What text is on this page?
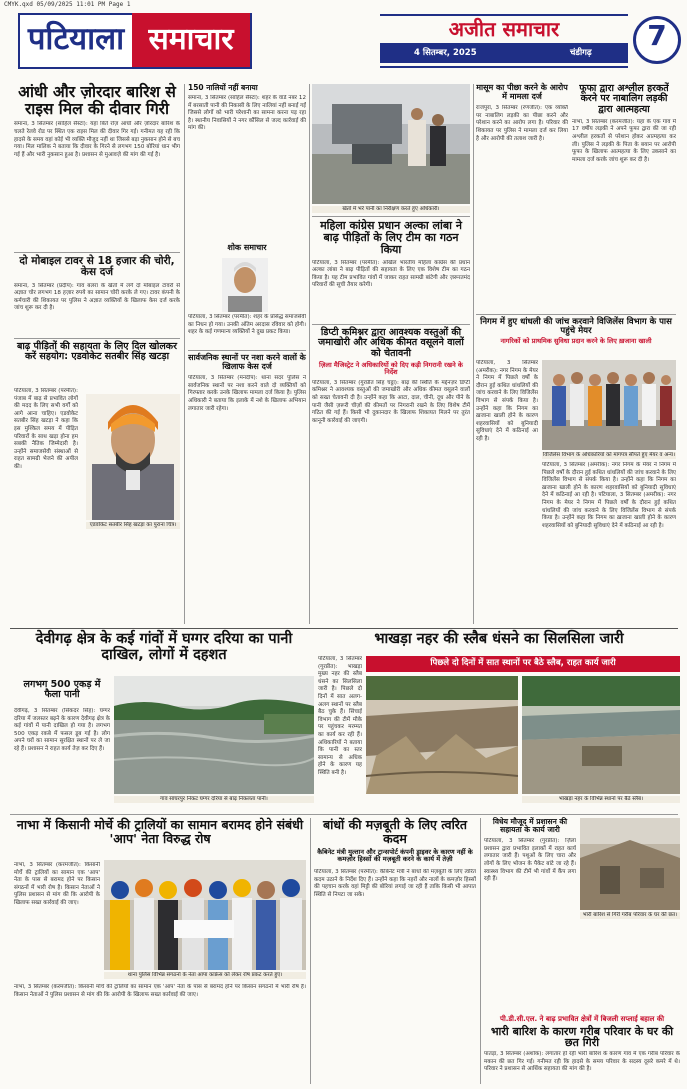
CMYK.qxd 05/09/2025 11:01 PM Page 1
पटियाला समाचार	अजीत समाचार
4 सितम्बर, 2025	चंडीगढ़
7
आंधी और ज़ोरदार बारिश से राइस मिल की दीवार गिरी
समाना, 3 सितम्बर (साहिल सैस्टा): यहां बिते रोज़ आंधी और ज़ोरदार बारिश के चलते रेलवे रोड पर स्थित एक राइस मिल की दीवार गिर गई। गनीमत यह रही कि हादसे के समय वहां कोई भी व्यक्ति मौजूद नहीं था जिससे बड़ा नुकसान होने से बच गया। मिल मालिक ने बताया कि दीवार के गिरने से लगभग 150 बोरियां धान भीग गई हैं और भारी नुकसान हुआ है। प्रशासन से मुआवज़े की मांग की गई है।
दो मोबाइल टावर से 18 हजार की चोरी, केस दर्ज
समाना, 3 सितम्बर (प्रदीप): गांव बलरां के खेतों में लगे दो मोबाइल टावरों से अज्ञात चोर लगभग 18 हज़ार रुपये का सामान चोरी करके ले गए। टावर कंपनी के कर्मचारी की शिकायत पर पुलिस ने अज्ञात व्यक्तियों के खिलाफ केस दर्ज करके जांच शुरू कर दी है।
बाढ़ पीड़ितों की सहायता के लिए दिल खोलकर करें सहयोग: एडवोकेट सतबीर सिंह खटड़ा
पटियाला, 3 सितम्बर (परमीत): पंजाब में बाढ़ से प्रभावित लोगों की मदद के लिए सभी वर्गों को आगे आना चाहिए। एडवोकेट सतबीर सिंह खटड़ा ने कहा कि इस मुश्किल समय में पीड़ित परिवारों के साथ खड़ा होना हम सबकी नैतिक जिम्मेदारी है। उन्होंने समाजसेवी संस्थाओं से राहत सामग्री भेजने की अपील की।
एडवोकेट सतबीर सिंह खटड़ा का पुराना चित्र।
150 नालियों नहीं बनाया
समाना, 3 सितम्बर (साहिल सैस्टा): शहर के वार्ड नंबर 12 में बरसाती पानी की निकासी के लिए नालियां नहीं बनाई गईं जिससे लोगों को भारी परेशानी का सामना करना पड़ रहा है। स्थानीय निवासियों ने नगर कौंसिल से जल्द कार्रवाई की मांग की।
शोक समाचार
पटियाला, 3 सितम्बर (परमीत): शहर के प्रसिद्ध समाजसेवी का निधन हो गया। उनकी अंतिम अरदास रविवार को होगी। शहर के कई गणमान्य व्यक्तियों ने दुख प्रकट किया।
सार्वजनिक स्थानों पर नशा करने वालों के खिलाफ केस दर्ज
पटियाला, 3 सितम्बर (मनदीप): थाना सदर पुलिस ने सार्वजनिक स्थानों पर नशा करने वाले दो व्यक्तियों को गिरफ्तार करके उनके खिलाफ मामला दर्ज किया है। पुलिस अधिकारी ने बताया कि इलाके में नशे के खिलाफ अभियान लगातार जारी रहेगा।
खेतों में भरे पानी का निरीक्षण करते हुए अधिकारी।
महिला कांग्रेस प्रधान अल्का लांबा ने बाढ़ पीड़ितों के लिए टीम का गठन किया
पटियाला, 3 सितम्बर (परमीत): अखिल भारतीय महिला कांग्रेस की प्रधान अल्का लांबा ने बाढ़ पीड़ितों की सहायता के लिए एक विशेष टीम का गठन किया है। यह टीम प्रभावित गांवों में जाकर राहत सामग्री बांटेगी और ज़रूरतमंद परिवारों की सूची तैयार करेगी।
डिप्टी कमिश्नर द्वारा आवश्यक वस्तुओं की जमाखोरी और अधिक कीमत वसूलने वालों को चेतावनी
ज़िला मैजिस्ट्रेट ने अधिकारियों को दिए कड़ी निगरानी रखने के निर्देश
पटियाला, 3 सितम्बर (गुरप्रीत सिंह चट्ठा): बाढ़ की स्थिति के मद्देनज़र डिप्टी कमिश्नर ने आवश्यक वस्तुओं की जमाखोरी और अधिक कीमत वसूलने वालों को सख्त चेतावनी दी है। उन्होंने कहा कि आटा, दाल, चीनी, दूध और पीने के पानी जैसी ज़रूरी चीज़ों की कीमतों पर निगरानी रखने के लिए विशेष टीमें गठित की गई हैं। किसी भी दुकानदार के खिलाफ शिकायत मिलने पर तुरंत कानूनी कार्रवाई की जाएगी।
मासूम का पीछा करने के आरोप में मामला दर्ज
राजपुरा, 3 सितम्बर (रणजीत): एक व्यक्ति पर नाबालिग लड़की का पीछा करने और परेशान करने का आरोप लगा है। परिवार की शिकायत पर पुलिस ने मामला दर्ज कर लिया है और आरोपी की तलाश जारी है।
फूफा द्वारा अश्लील हरकतें करने पर नाबालिग लड़की द्वारा आत्महत्या
नाभा, 3 सितम्बर (करमजीत): यहां के एक गांव में 17 वर्षीय लड़की ने अपने फूफा द्वारा की जा रही अश्लील हरकतों से परेशान होकर आत्महत्या कर ली। पुलिस ने लड़की के पिता के बयान पर आरोपी फूफा के खिलाफ आत्महत्या के लिए उकसाने का मामला दर्ज करके जांच शुरू कर दी है।
निगम में हुए धांधली की जांच करवाने विजिलेंस विभाग के पास पहुंचे मेयर
नागरिकों को प्राथमिक सुविधा प्रदान करने के लिए ख़जाना खाली
पटियाला, 3 सितम्बर (अमरीक): नगर निगम के मेयर ने निगम में पिछले वर्षों के दौरान हुई कथित धांधलियों की जांच करवाने के लिए विजिलेंस विभाग से संपर्क किया है। उन्होंने कहा कि निगम का ख़जाना खाली होने के कारण शहरवासियों को बुनियादी सुविधाएं देने में कठिनाई आ रही है।
विजिलेंस विभाग के अधिकारियों को मांगपत्र सौंपते हुए मेयर व अन्य।
पटियाला, 3 सितम्बर (अमरीक): नगर निगम के मेयर ने निगम में पिछले वर्षों के दौरान हुई कथित धांधलियों की जांच करवाने के लिए विजिलेंस विभाग से संपर्क किया है। उन्होंने कहा कि निगम का ख़जाना खाली होने के कारण शहरवासियों को बुनियादी सुविधाएं देने में कठिनाई आ रही है। पटियाला, 3 सितम्बर (अमरीक): नगर निगम के मेयर ने निगम में पिछले वर्षों के दौरान हुई कथित धांधलियों की जांच करवाने के लिए विजिलेंस विभाग से संपर्क किया है। उन्होंने कहा कि निगम का ख़जाना खाली होने के कारण शहरवासियों को बुनियादी सुविधाएं देने में कठिनाई आ रही है।
देवीगढ़ क्षेत्र के कई गांवों में घग्गर दरिया का पानी दाखिल, लोगों में दहशत
लगभग 500 एकड़ में फैला पानी
देवीगढ़, 3 सितम्बर (सिकंदर सिंह): घग्गर दरिया में जलस्तर बढ़ने के कारण देवीगढ़ क्षेत्र के कई गांवों में पानी दाखिल हो गया है। लगभग 500 एकड़ रकबे में फसल डूब गई है। लोग अपने घरों का सामान सुरक्षित स्थानों पर ले जा रहे हैं। प्रशासन ने राहत कार्य तेज़ कर दिए हैं।
गांव सांघरपुर निकट घग्गर दरिया से बाढ़ निकलता पानी।
भाखड़ा नहर की स्लैब धंसने का सिलसिला जारी
पिछले दो दिनों में सात स्थानों पर बैठे स्लैब, राहत कार्य जारी
पटियाला, 3 सितम्बर (गुरप्रीत): भाखड़ा मुख्य नहर की स्लैब धंसने का सिलसिला जारी है। पिछले दो दिनों में सात अलग-अलग स्थानों पर स्लैब बैठ चुके हैं। सिंचाई विभाग की टीमें मौके पर पहुंचकर मरम्मत का कार्य कर रही हैं। अधिकारियों ने बताया कि पानी का स्तर सामान्य से अधिक होने के कारण यह स्थिति बनी है।
भाखड़ा नहर के विभिन्न स्थानों पर बैठे स्लैब।
नाभा में किसानी मोर्चे की ट्रालियों का सामान बरामद होने संबंधी 'आप' नेता विरुद्ध रोष
नाभा, 3 सितम्बर (करमजीत): किसानी मोर्चे की ट्रालियों का सामान एक 'आप' नेता के पास से बरामद होने पर किसान संगठनों में भारी रोष है। किसान नेताओं ने पुलिस प्रशासन से मांग की कि आरोपी के खिलाफ सख्त कार्रवाई की जाए।
थाना पुलिस विभिन्न संगठनों के नेता आपा कांफ्रेंस को लेकर रोष प्रकट करते हुए।
नाभा, 3 सितम्बर (करमजीत): किसानी मोर्चे की ट्रालियों का सामान एक 'आप' नेता के पास से बरामद होने पर किसान संगठनों में भारी रोष है। किसान नेताओं ने पुलिस प्रशासन से मांग की कि आरोपी के खिलाफ सख्त कार्रवाई की जाए।
बांधों की मज़बूती के लिए त्वरित कदम
कैबिनेट मंत्री मुल्तान और ट्रान्सपोर्ट कंपनी ड्राइवर के कारण नहीं के कमज़ोर हिस्सों की मज़बूती करने के कार्य में तेज़ी
पटियाला, 3 सितम्बर (परमीत): कैबिनेट मंत्री ने बांधों की मज़बूती के लिए त्वरित कदम उठाने के निर्देश दिए हैं। उन्होंने कहा कि नहरों और नालों के कमज़ोर हिस्सों की पहचान करके वहां मिट्टी की बोरियां लगाई जा रही हैं ताकि किसी भी आपात स्थिति से निपटा जा सके।
विधेय मौजूद में प्रशासन की सहायता के कार्य जारी
पटियाला, 3 सितम्बर (गुरप्रीत): ज़िला प्रशासन द्वारा प्रभावित इलाकों में राहत कार्य लगातार जारी हैं। पशुओं के लिए चारा और लोगों के लिए भोजन के पैकेट बांटे जा रहे हैं। स्वास्थ्य विभाग की टीमें भी गांवों में कैंप लगा रही हैं।
भारी बारिश से गिरी गरीब परिवार के घर की छत।
पी.डी.सी.एल. ने बाढ़ प्रभावित क्षेत्रों में बिजली सप्लाई बहाल की
भारी बारिश के कारण गरीब परिवार के घर की छत गिरी
पातड़ां, 3 सितम्बर (अशोक): लगातार हो रही भारी बारिश के कारण गांव में एक गरीब परिवार के मकान की छत गिर गई। गनीमत रही कि हादसे के समय परिवार के सदस्य दूसरे कमरे में थे। परिवार ने प्रशासन से आर्थिक सहायता की मांग की है।
